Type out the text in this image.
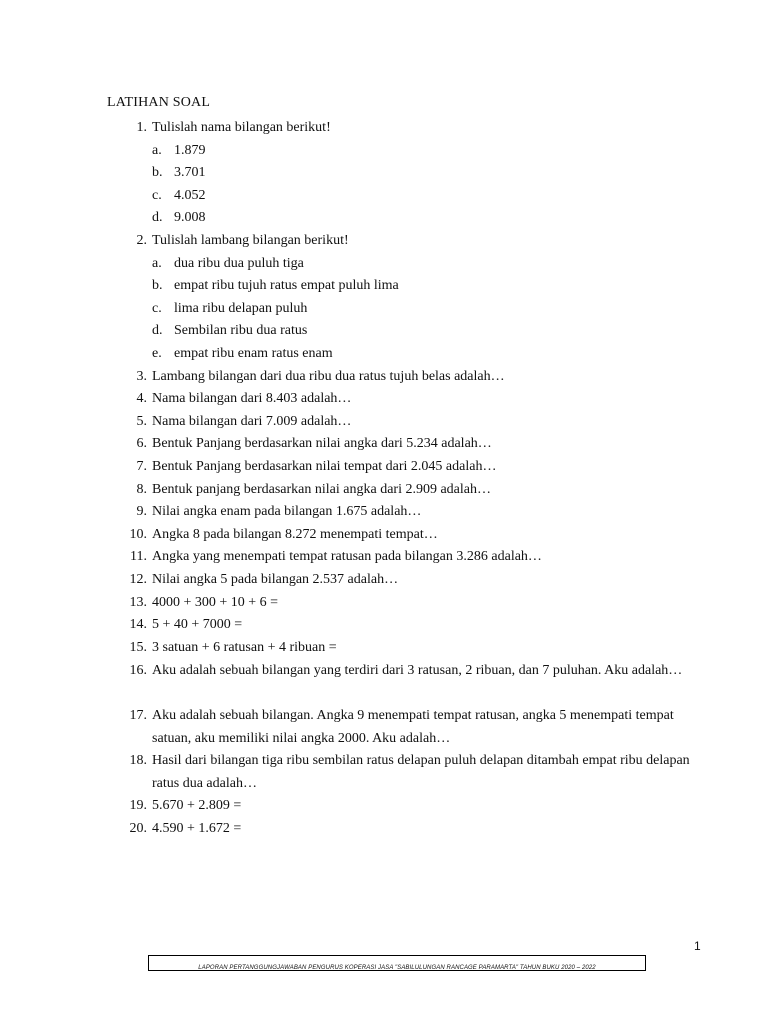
LATIHAN SOAL
1. Tulislah nama bilangan berikut!
a. 1.879
b. 3.701
c. 4.052
d. 9.008
2. Tulislah lambang bilangan berikut!
a. dua ribu dua puluh tiga
b. empat ribu tujuh ratus empat puluh lima
c. lima ribu delapan puluh
d. Sembilan ribu dua ratus
e. empat ribu enam ratus enam
3. Lambang bilangan dari dua ribu dua ratus tujuh belas adalah…
4. Nama bilangan dari 8.403 adalah…
5. Nama bilangan dari 7.009 adalah…
6. Bentuk Panjang berdasarkan nilai angka dari 5.234 adalah…
7. Bentuk Panjang berdasarkan nilai tempat dari 2.045 adalah…
8. Bentuk panjang berdasarkan nilai angka dari 2.909 adalah…
9. Nilai angka enam pada bilangan 1.675 adalah…
10. Angka 8 pada bilangan 8.272 menempati tempat…
11. Angka yang menempati tempat ratusan pada bilangan 3.286 adalah…
12. Nilai angka 5 pada bilangan 2.537 adalah…
13. 4000 + 300 + 10 + 6 =
14. 5 + 40 + 7000 =
15. 3 satuan + 6 ratusan + 4 ribuan =
16. Aku adalah sebuah bilangan yang terdiri dari 3 ratusan, 2 ribuan, dan 7 puluhan. Aku adalah…
17. Aku adalah sebuah bilangan. Angka 9 menempati tempat ratusan, angka 5 menempati tempat satuan, aku memiliki nilai angka 2000. Aku adalah…
18. Hasil dari bilangan tiga ribu sembilan ratus delapan puluh delapan ditambah empat ribu delapan ratus dua adalah…
19. 5.670 + 2.809 =
20. 4.590 + 1.672 =
1
LAPORAN PERTANGGUNGJAWABAN PENGURUS KOPERASI JASA "SABILULUNGAN RANCAGE PARAMARTA" TAHUN BUKU 2020 – 2022
